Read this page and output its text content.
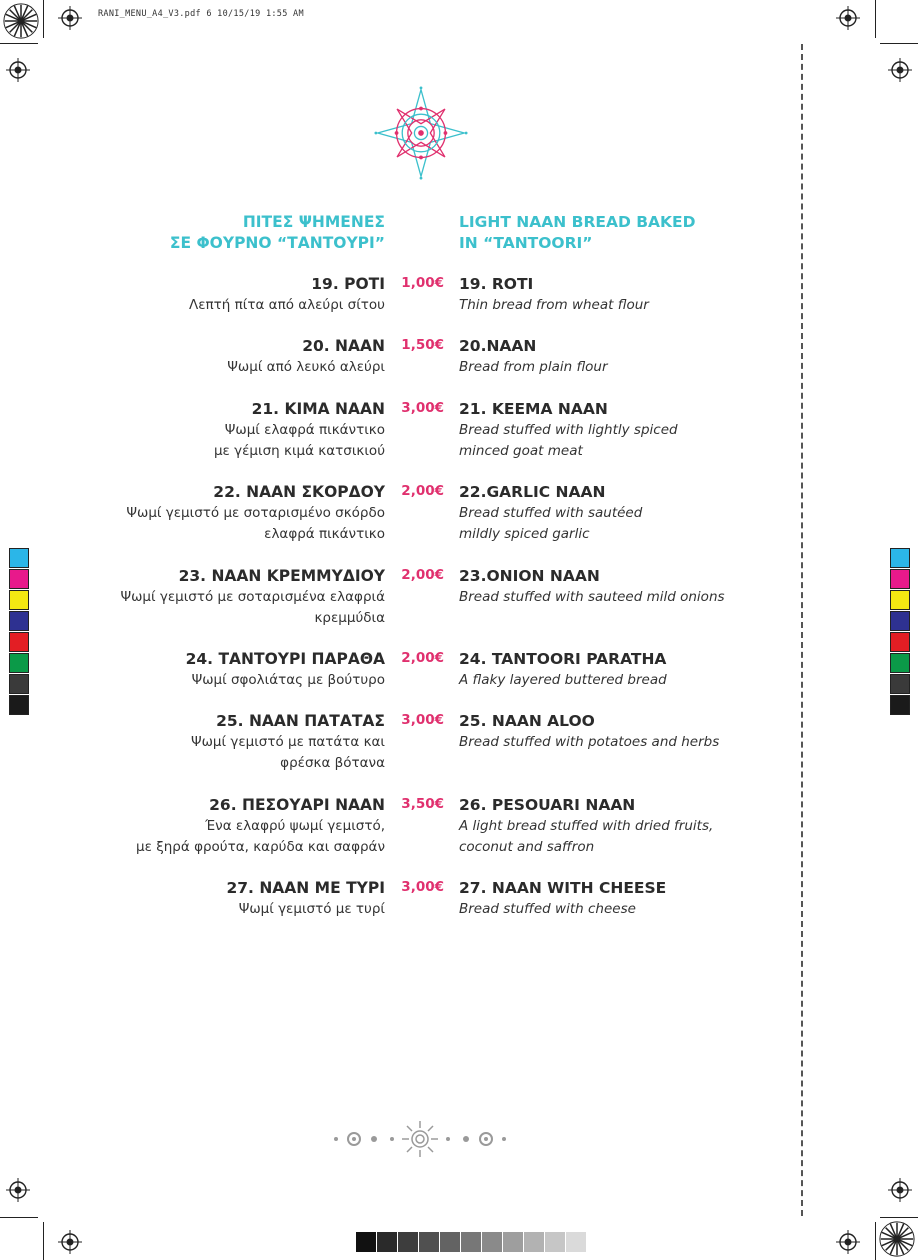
RANI_MENU_A4_V3.pdf 6 10/15/19 1:55 AM
ΠΙΤΕΣ ΨΗΜΕΝΕΣ
ΣΕ ΦΟΥΡΝΟ “ΤΑΝΤΟΥΡΙ”
LIGHT NAAN BREAD BAKED
IN “TANTOORI”
19. ΡΟΤΙ
Λεπτή πίτα από αλεύρι σίτου
1,00€ 19. ROTI
Thin bread from wheat flour
20. ΝΑΑΝ
Ψωμί από λευκό αλεύρι
1,50€ 20.NAAN
Bread from plain flour
21. ΚΙΜΑ ΝΑΑΝ
Ψωμί ελαφρά πικάντικο
με γέμιση κιμά κατσικιού
3,00€ 21. KEEMA NAAN
Bread stuffed with lightly spiced
minced goat meat
22. ΝΑΑΝ ΣΚΟΡΔΟΥ
Ψωμί γεμιστό με σοταρισμένο σκόρδο
ελαφρά πικάντικο
2,00€ 22.GARLIC NAAN
Bread stuffed with sautéed
mildly spiced garlic
23. ΝΑΑΝ ΚΡΕΜΜΥΔΙΟΥ
Ψωμί γεμιστό με σοταρισμένα ελαφριά
κρεμμύδια
2,00€ 23.ONION NAAN
Bread stuffed with sauteed mild onions
24. ΤΑΝΤΟΥΡΙ ΠΑΡΑΘΑ
Ψωμί σφολιάτας με βούτυρο
2,00€ 24. TANTOORI PARATHA
A flaky layered buttered bread
25. ΝΑΑΝ ΠΑΤΑΤΑΣ
Ψωμί γεμιστό με πατάτα και
φρέσκα βότανα
3,00€ 25. NAAN ALOO
Bread stuffed with potatoes and herbs
26. ΠΕΣΟΥΑΡΙ ΝΑΑΝ
Ένα ελαφρύ ψωμί γεμιστό,
με ξηρά φρούτα, καρύδα και σαφράν
3,50€ 26. PESOUARI NAAN
A light bread stuffed with dried fruits,
coconut and saffron
27. ΝΑΑΝ ΜΕ ΤΥΡΙ
Ψωμί γεμιστό με τυρί
3,00€ 27. NAAN WITH CHEESE
Bread stuffed with cheese
